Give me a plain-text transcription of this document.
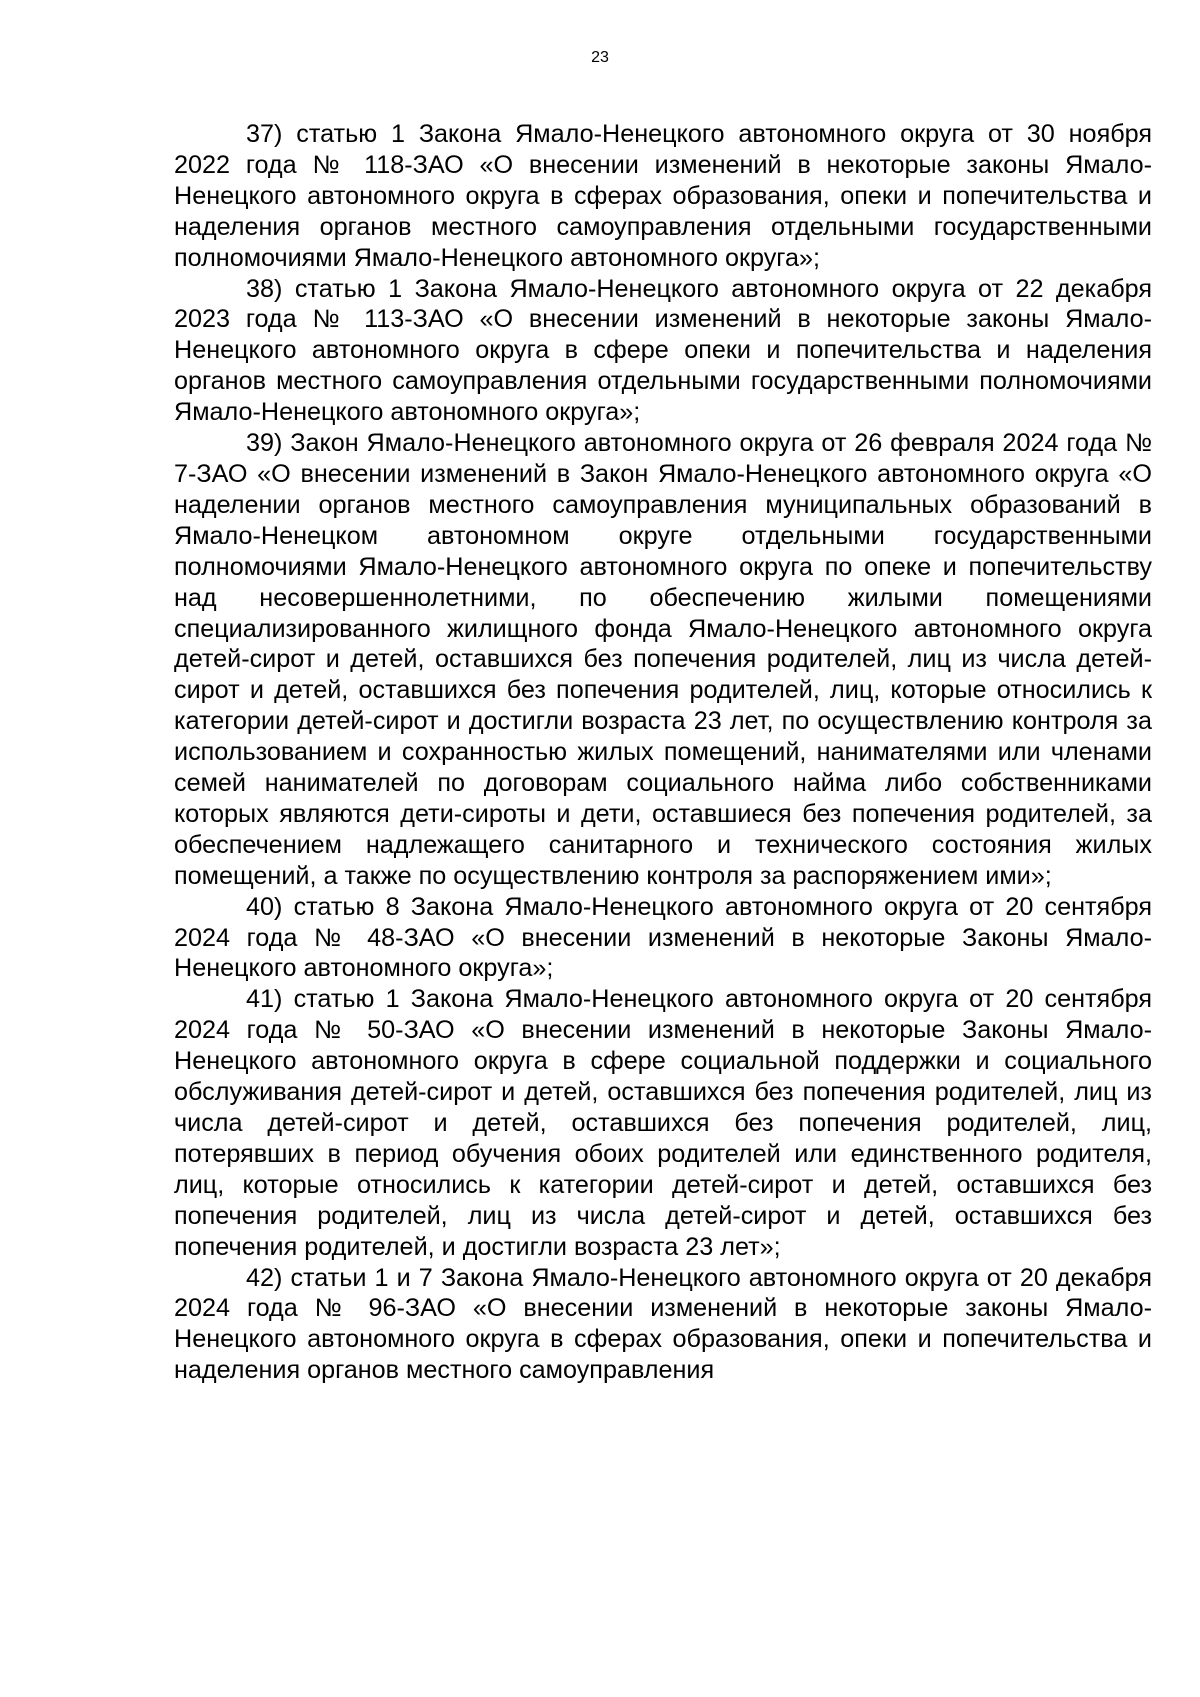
23

37) статью 1 Закона Ямало-Ненецкого автономного округа от 30 ноября 2022 года № 118-ЗАО «О внесении изменений в некоторые законы Ямало-Ненецкого автономного округа в сферах образования, опеки и попечительства и наделения органов местного самоуправления отдельными государственными полномочиями Ямало-Ненецкого автономного округа»;

38) статью 1 Закона Ямало-Ненецкого автономного округа от 22 декабря 2023 года № 113-ЗАО «О внесении изменений в некоторые законы Ямало-Ненецкого автономного округа в сфере опеки и попечительства и наделения органов местного самоуправления отдельными государственными полномочиями Ямало-Ненецкого автономного округа»;

39) Закон Ямало-Ненецкого автономного округа от 26 февраля 2024 года № 7-ЗАО «О внесении изменений в Закон Ямало-Ненецкого автономного округа «О наделении органов местного самоуправления муниципальных образований в Ямало-Ненецком автономном округе отдельными государственными полномочиями Ямало-Ненецкого автономного округа по опеке и попечительству над несовершеннолетними, по обеспечению жилыми помещениями специализированного жилищного фонда Ямало-Ненецкого автономного округа детей-сирот и детей, оставшихся без попечения родителей, лиц из числа детей-сирот и детей, оставшихся без попечения родителей, лиц, которые относились к категории детей-сирот и достигли возраста 23 лет, по осуществлению контроля за использованием и сохранностью жилых помещений, нанимателями или членами семей нанимателей по договорам социального найма либо собственниками которых являются дети-сироты и дети, оставшиеся без попечения родителей, за обеспечением надлежащего санитарного и технического состояния жилых помещений, а также по осуществлению контроля за распоряжением ими»;

40) статью 8 Закона Ямало-Ненецкого автономного округа от 20 сентября 2024 года № 48-ЗАО «О внесении изменений в некоторые Законы Ямало-Ненецкого автономного округа»;

41) статью 1 Закона Ямало-Ненецкого автономного округа от 20 сентября 2024 года № 50-ЗАО «О внесении изменений в некоторые Законы Ямало-Ненецкого автономного округа в сфере социальной поддержки и социального обслуживания детей-сирот и детей, оставшихся без попечения родителей, лиц из числа детей-сирот и детей, оставшихся без попечения родителей, лиц, потерявших в период обучения обоих родителей или единственного родителя, лиц, которые относились к категории детей-сирот и детей, оставшихся без попечения родителей, лиц из числа детей-сирот и детей, оставшихся без попечения родителей, и достигли возраста 23 лет»;

42) статьи 1 и 7 Закона Ямало-Ненецкого автономного округа от 20 декабря 2024 года № 96-ЗАО «О внесении изменений в некоторые законы Ямало-Ненецкого автономного округа в сферах образования, опеки и попечительства и наделения органов местного самоуправления
